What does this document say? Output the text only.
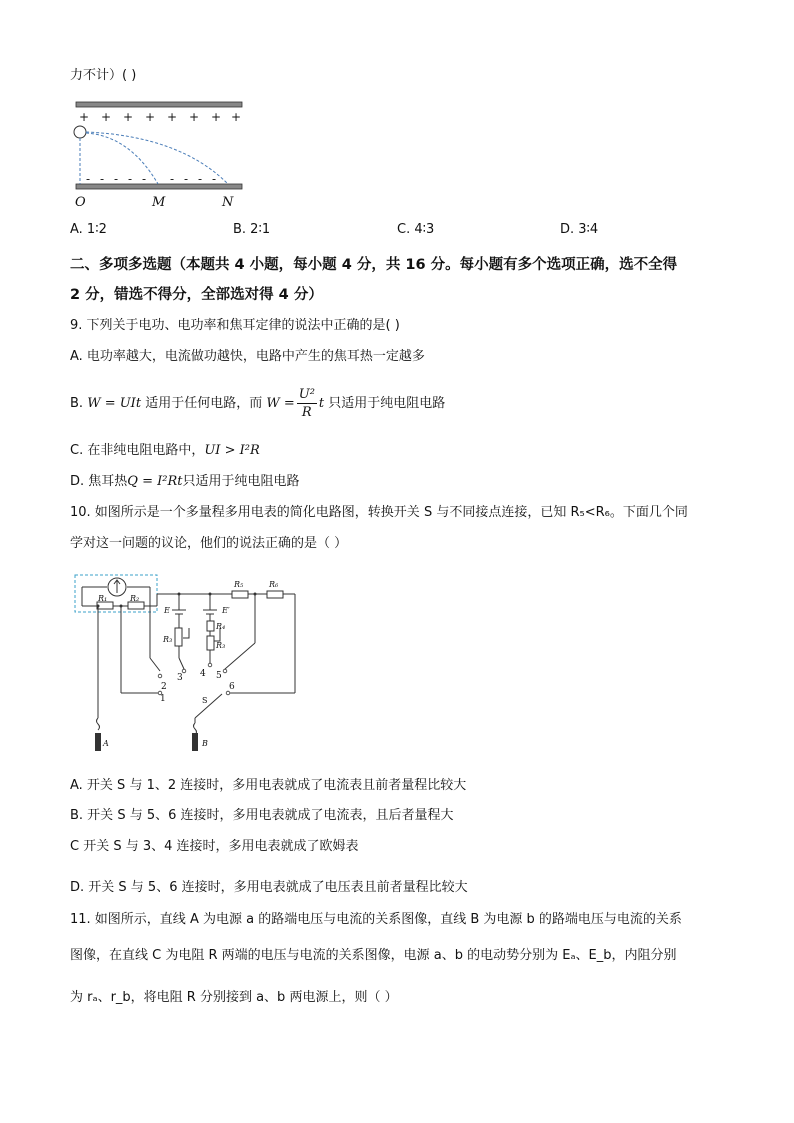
力不计）( )
+ + + + + + + +
- - - - - - - - -
O	M	N
A. 1∶2	B. 2∶1	C. 4∶3	D. 3∶4
二、多项多选题（本题共 4 小题，每小题 4 分，共 16 分。每小题有多个选项正确，选不全得
2 分，错选不得分，全部选对得 4 分）
9. 下列关于电功、电功率和焦耳定律的说法中正确的是( )
A. 电功率越大，电流做功越快，电路中产生的焦耳热一定越多
B. W = UIt 适用于任何电路，而 $W = \frac{\text{U²}}{R}$ t 只适用于纯电阻电路
C. 在非纯电阻电路中，UI > I²R
D. 焦耳热Q = I²Rt只适用于纯电阻电路
10. 如图所示是一个多量程多用电表的简化电路图，转换开关 S 与不同接点连接，已知 R₅<R₆。下面几个同
学对这一问题的议论，他们的说法正确的是（ ）
R₁	R₂
R₃
R₄
R₃
R₅	R₆
E	E′
S
A	B
1
2
3 4 5
6
A. 开关 S 与 1、2 连接时，多用电表就成了电流表且前者量程比较大
B. 开关 S 与 5、6 连接时，多用电表就成了电流表，且后者量程大
C 开关 S 与 3、4 连接时，多用电表就成了欧姆表
D. 开关 S 与 5、6 连接时，多用电表就成了电压表且前者量程比较大
11. 如图所示，直线 A 为电源 a 的路端电压与电流的关系图像，直线 B 为电源 b 的路端电压与电流的关系
图像，在直线 C 为电阻 R 两端的电压与电流的关系图像，电源 a、b 的电动势分别为 Eₐ、E_b，内阻分别
为 rₐ、r_b，将电阻 R 分别接到 a、b 两电源上，则（ ）
